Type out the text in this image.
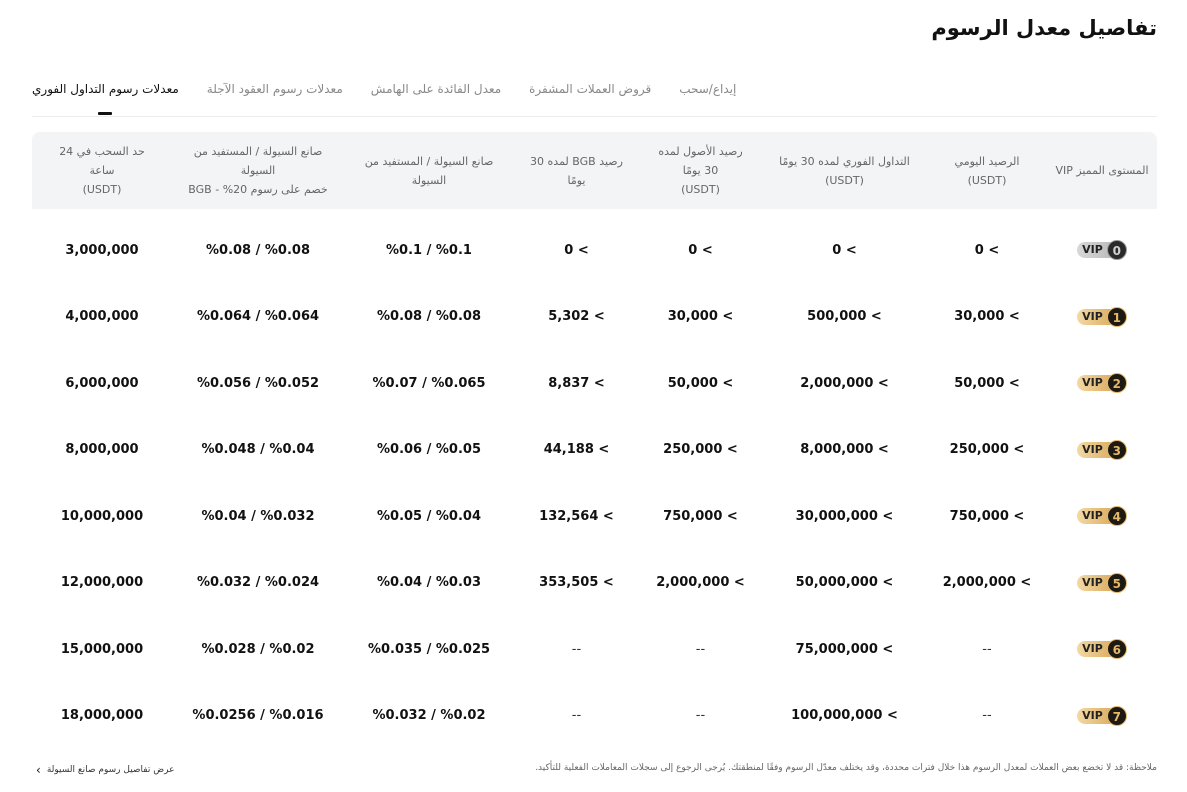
تفاصيل معدل الرسوم
معدلات رسوم التداول الفوري معدلات رسوم العقود الآجلة معدل الفائدة على الهامش قروض العملات المشفرة إيداع/سحب
المستوى المميز VIP
الرصيد اليومي
(USDT)
التداول الفوري لمده 30 يومًا
(USDT)
رصيد الأصول لمده
30 يومًا
(USDT)
رصيد BGB لمده 30
يومًا
صانع السيولة / المستفيد من
السيولة
صانع السيولة / المستفيد من
السيولة
خصم على رسوم 20% - BGB
حد السحب في 24
ساعة
(USDT)
VIP 0
0 <
0 <
0 <
0 <
%0.1 / %0.1
%0.08 / %0.08
3,000,000
VIP 1
30,000 <
500,000 <
30,000 <
5,302 <
%0.08 / %0.08
%0.064 / %0.064
4,000,000
VIP 2
50,000 <
2,000,000 <
50,000 <
8,837 <
%0.07 / %0.065
%0.056 / %0.052
6,000,000
VIP 3
250,000 <
8,000,000 <
250,000 <
44,188 <
%0.06 / %0.05
%0.048 / %0.04
8,000,000
VIP 4
750,000 <
30,000,000 <
750,000 <
132,564 <
%0.05 / %0.04
%0.04 / %0.032
10,000,000
VIP 5
2,000,000 <
50,000,000 <
2,000,000 <
353,505 <
%0.04 / %0.03
%0.032 / %0.024
12,000,000
VIP 6
--
75,000,000 <
--
--
%0.035 / %0.025
%0.028 / %0.02
15,000,000
VIP 7
--
100,000,000 <
--
--
%0.032 / %0.02
%0.0256 / %0.016
18,000,000
ملاحظة: قد لا تخضع بعض العملات لمعدل الرسوم هذا خلال فترات محددة، وقد يختلف معدّل الرسوم وفقًا لمنطقتك. يُرجى الرجوع إلى سجلات المعاملات الفعلية للتأكيد.
‹ عرض تفاصيل رسوم صانع السيولة
